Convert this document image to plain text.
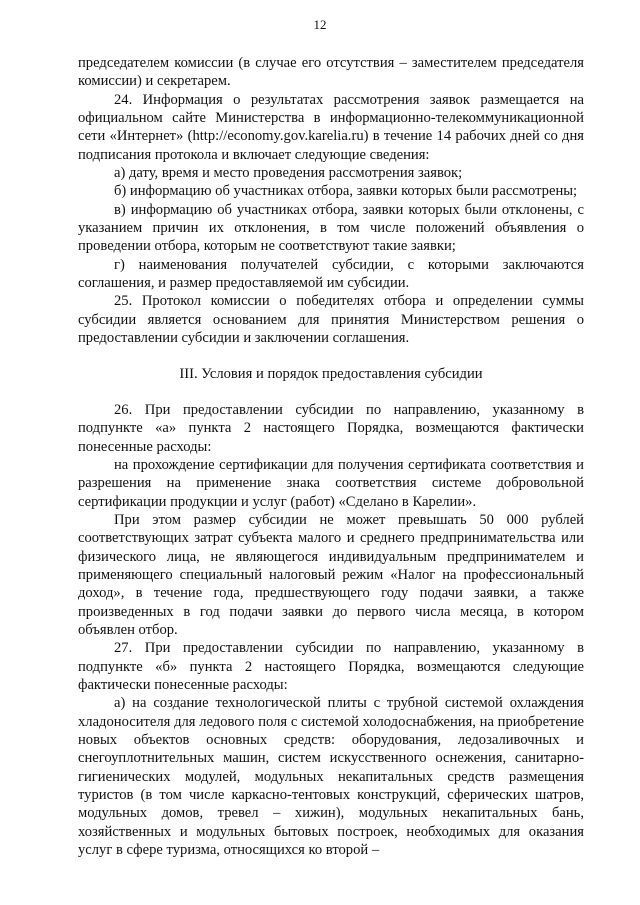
12

председателем комиссии (в случае его отсутствия – заместителем председателя комиссии) и секретарем.

24. Информация о результатах рассмотрения заявок размещается на официальном сайте Министерства в информационно-телекоммуникационной сети «Интернет» (http://economy.gov.karelia.ru) в течение 14 рабочих дней со дня подписания протокола и включает следующие сведения:

а) дату, время и место проведения рассмотрения заявок;

б) информацию об участниках отбора, заявки которых были рассмотрены;

в) информацию об участниках отбора, заявки которых были отклонены, с указанием причин их отклонения, в том числе положений объявления о проведении отбора, которым не соответствуют такие заявки;

г) наименования получателей субсидии, с которыми заключаются соглашения, и размер предоставляемой им субсидии.

25. Протокол комиссии о победителях отбора и определении суммы субсидии является основанием для принятия Министерством решения о предоставлении субсидии и заключении соглашения.

III. Условия и порядок предоставления субсидии

26. При предоставлении субсидии по направлению, указанному в подпункте «а» пункта 2 настоящего Порядка, возмещаются фактически понесенные расходы:

на прохождение сертификации для получения сертификата соответствия и разрешения на применение знака соответствия системе добровольной сертификации продукции и услуг (работ) «Сделано в Карелии».

При этом размер субсидии не может превышать 50 000 рублей соответствующих затрат субъекта малого и среднего предпринимательства или физического лица, не являющегося индивидуальным предпринимателем и применяющего специальный налоговый режим «Налог на профессиональный доход», в течение года, предшествующего году подачи заявки, а также произведенных в год подачи заявки до первого числа месяца, в котором объявлен отбор.

27. При предоставлении субсидии по направлению, указанному в подпункте «б» пункта 2 настоящего Порядка, возмещаются следующие фактически понесенные расходы:

а) на создание технологической плиты с трубной системой охлаждения хладоносителя для ледового поля с системой холодоснабжения, на приобретение новых объектов основных средств: оборудования, ледозаливочных и снегоуплотнительных машин, систем искусственного оснежения, санитарно-гигиенических модулей, модульных некапитальных средств размещения туристов (в том числе каркасно-тентовых конструкций, сферических шатров, модульных домов, тревел – хижин), модульных некапитальных бань, хозяйственных и модульных бытовых построек, необходимых для оказания услуг в сфере туризма, относящихся ко второй –
